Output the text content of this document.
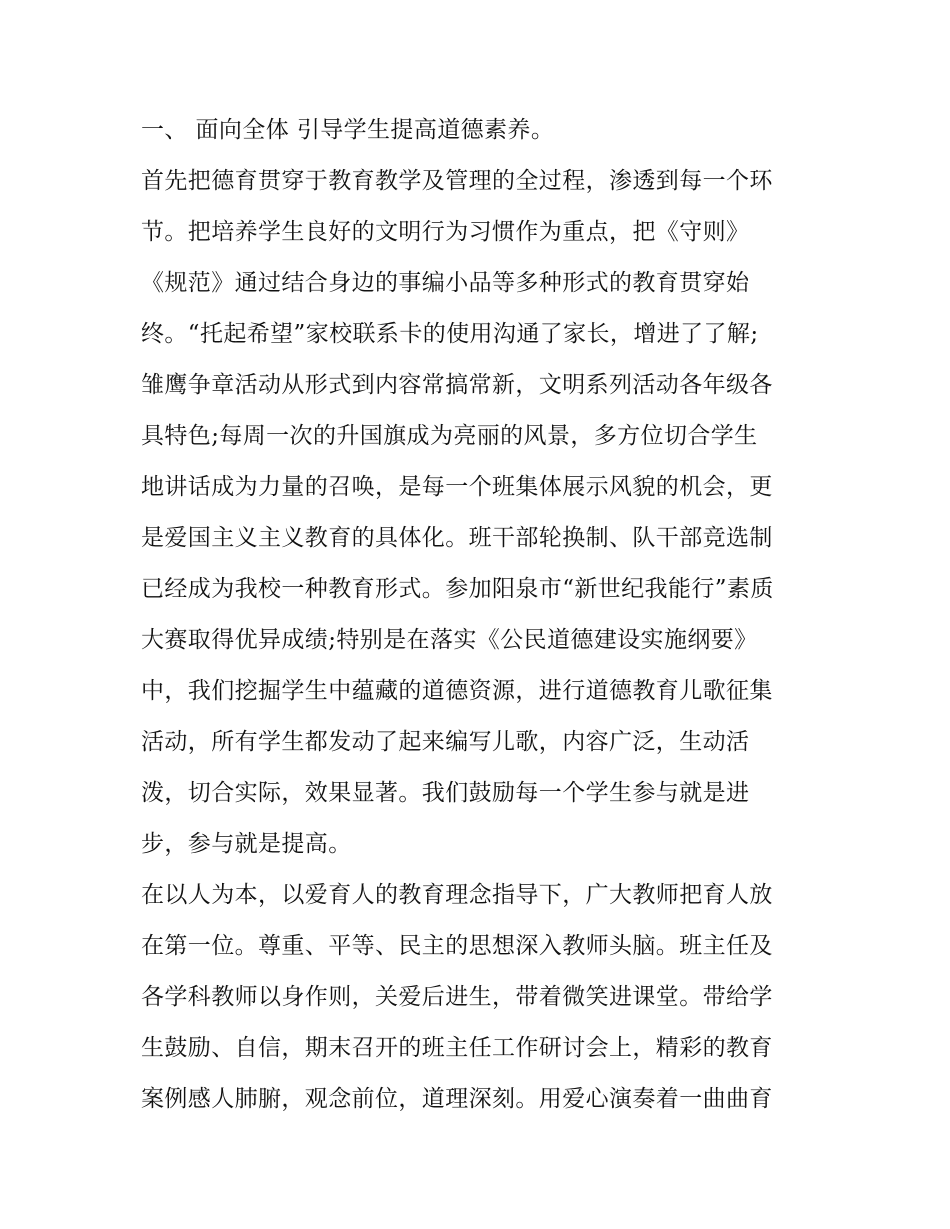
一、 面向全体 引导学生提高道德素养。
首先把德育贯穿于教育教学及管理的全过程，渗透到每一个环
节。把培养学生良好的文明行为习惯作为重点，把《守则》
《规范》通过结合身边的事编小品等多种形式的教育贯穿始
终。“托起希望”家校联系卡的使用沟通了家长，增进了了解;
雏鹰争章活动从形式到内容常搞常新，文明系列活动各年级各
具特色;每周一次的升国旗成为亮丽的风景，多方位切合学生
地讲话成为力量的召唤，是每一个班集体展示风貌的机会，更
是爱国主义主义教育的具体化。班干部轮换制、队干部竞选制
已经成为我校一种教育形式。参加阳泉市“新世纪我能行”素质
大赛取得优异成绩;特别是在落实《公民道德建设实施纲要》
中，我们挖掘学生中蕴藏的道德资源，进行道德教育儿歌征集
活动，所有学生都发动了起来编写儿歌，内容广泛，生动活
泼，切合实际，效果显著。我们鼓励每一个学生参与就是进
步，参与就是提高。
在以人为本，以爱育人的教育理念指导下，广大教师把育人放
在第一位。尊重、平等、民主的思想深入教师头脑。班主任及
各学科教师以身作则，关爱后进生，带着微笑进课堂。带给学
生鼓励、自信，期末召开的班主任工作研讨会上，精彩的教育
案例感人肺腑，观念前位，道理深刻。用爱心演奏着一曲曲育
